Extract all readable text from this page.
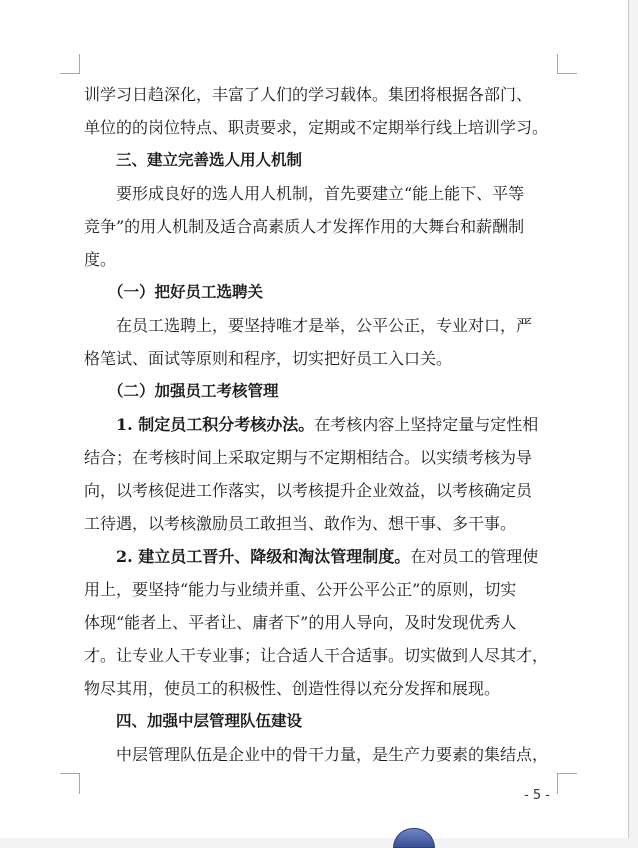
训学习日趋深化，丰富了人们的学习载体。集团将根据各部门、
单位的的岗位特点、职责要求，定期或不定期举行线上培训学习。
三、建立完善选人用人机制
要形成良好的选人用人机制，首先要建立“能上能下、平等
竞争”的用人机制及适合高素质人才发挥作用的大舞台和薪酬制
度。
（一）把好员工选聘关
在员工选聘上，要坚持唯才是举，公平公正，专业对口，严
格笔试、面试等原则和程序，切实把好员工入口关。
（二）加强员工考核管理
1. 制定员工积分考核办法。在考核内容上坚持定量与定性相
结合；在考核时间上采取定期与不定期相结合。以实绩考核为导
向，以考核促进工作落实，以考核提升企业效益，以考核确定员
工待遇，以考核激励员工敢担当、敢作为、想干事、多干事。
2. 建立员工晋升、降级和淘汰管理制度。在对员工的管理使
用上，要坚持“能力与业绩并重、公开公平公正”的原则，切实
体现“能者上、平者让、庸者下”的用人导向，及时发现优秀人
才。让专业人干专业事；让合适人干合适事。切实做到人尽其才，
物尽其用，使员工的积极性、创造性得以充分发挥和展现。
四、加强中层管理队伍建设
中层管理队伍是企业中的骨干力量，是生产力要素的集结点，
- 5 -
